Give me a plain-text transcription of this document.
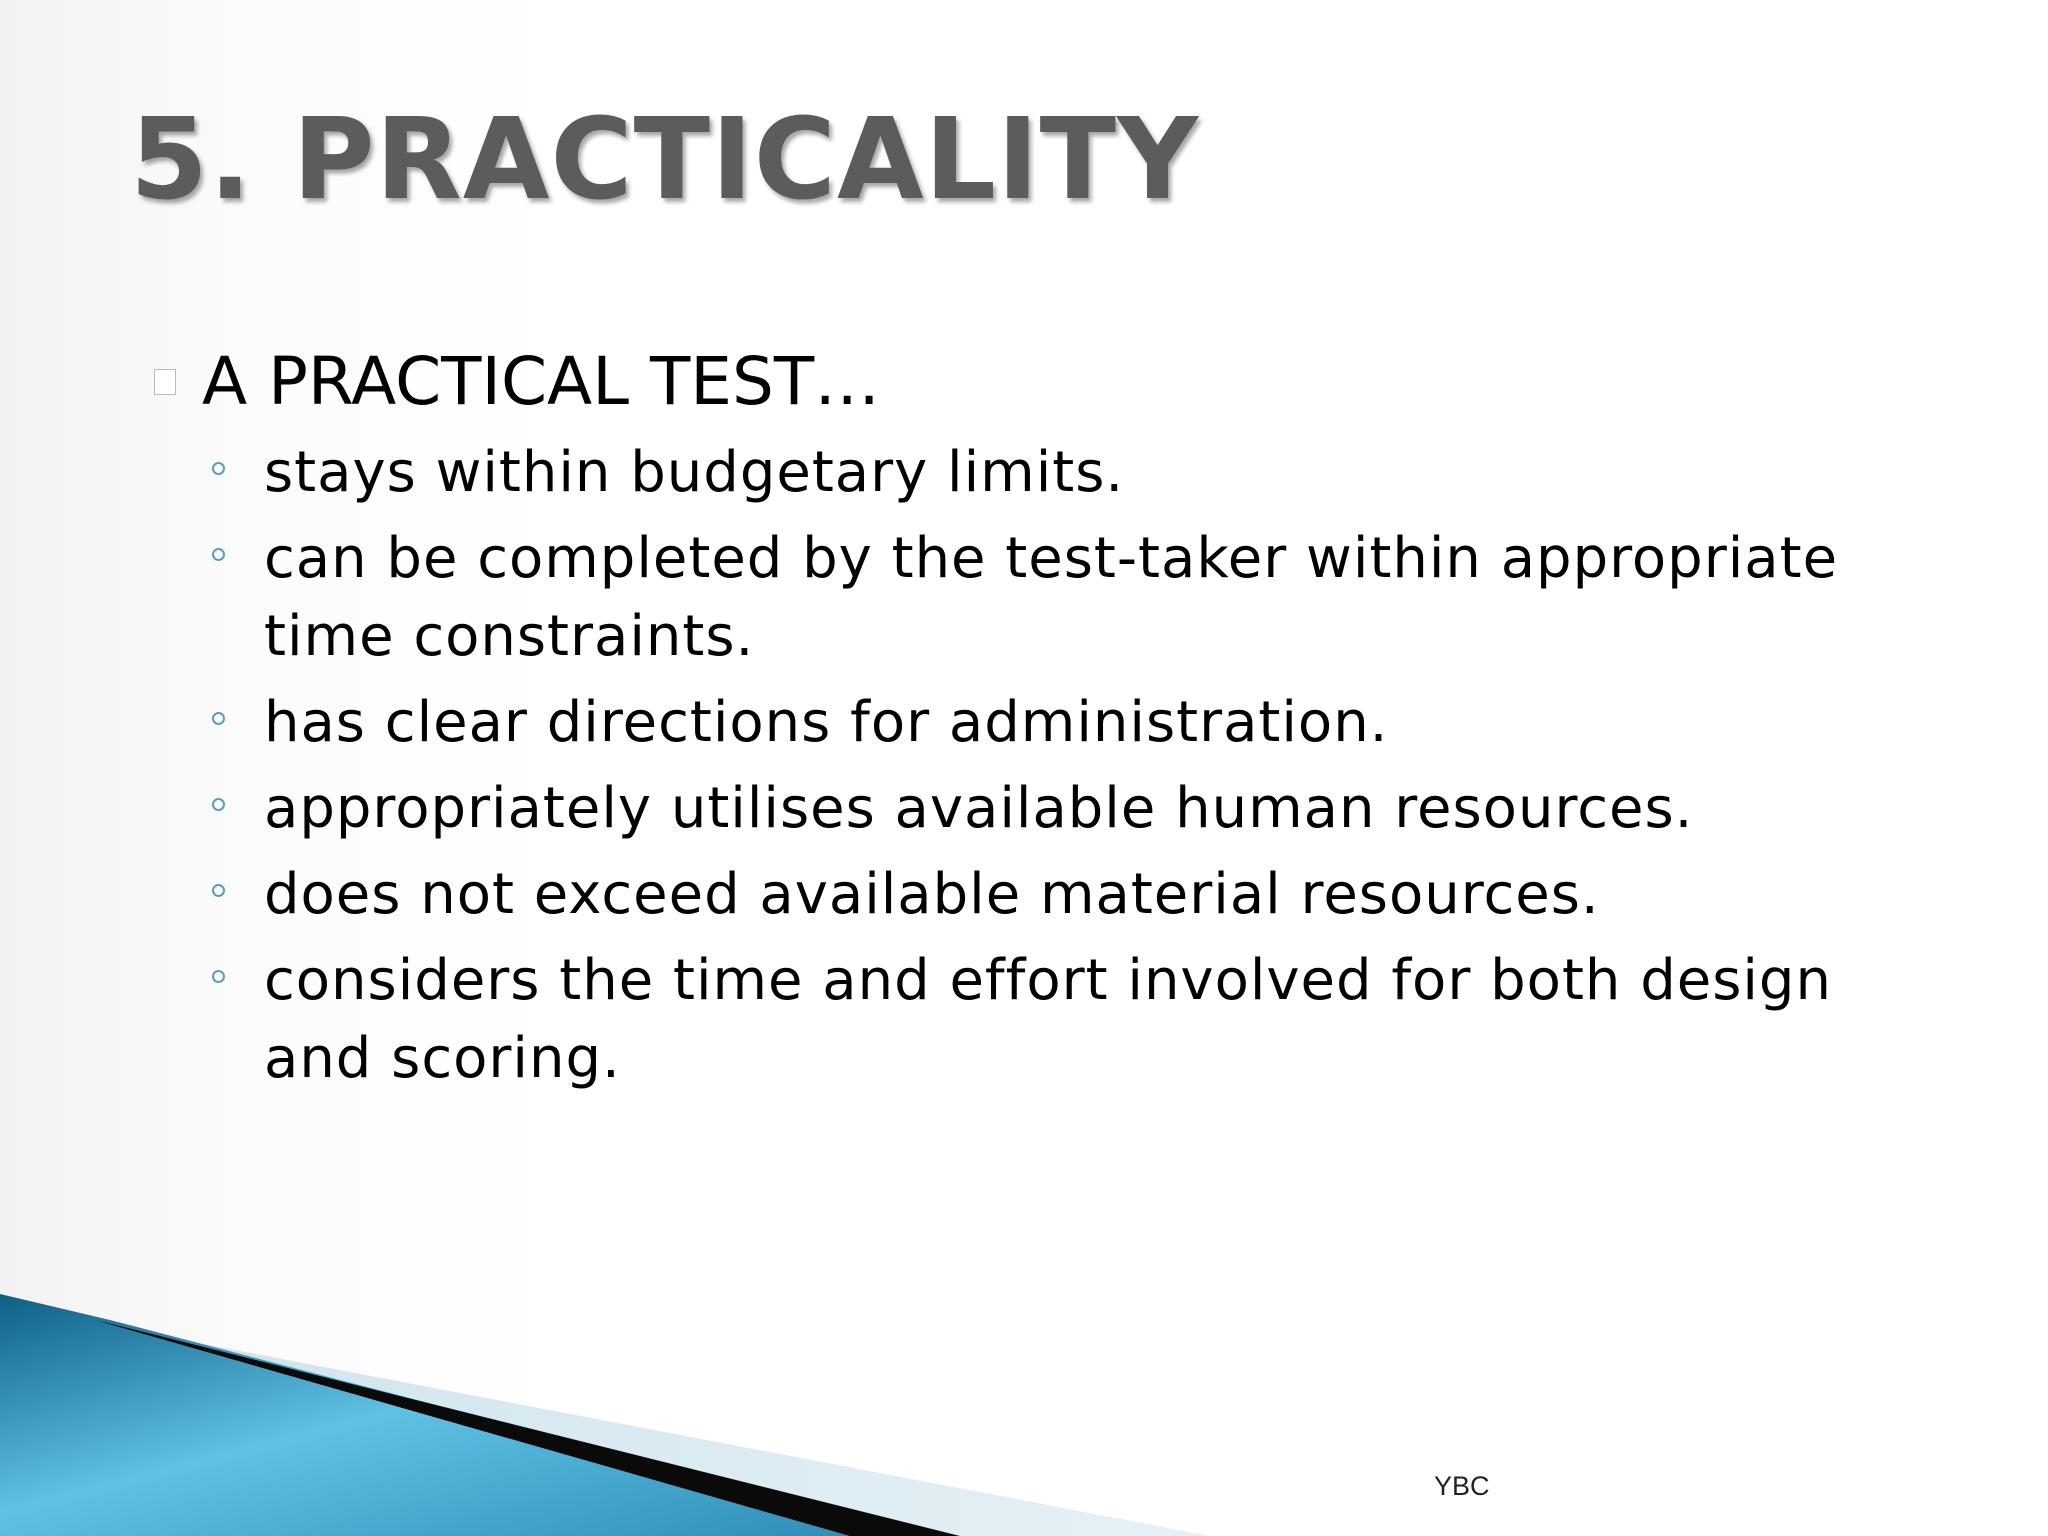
5. PRACTICALITY
A PRACTICAL TEST…
stays within budgetary limits.
can be completed by the test-taker within appropriate time constraints.
has clear directions for administration.
appropriately utilises available human resources.
does not exceed available material resources.
considers the time and effort involved for both design and scoring.
YBC
